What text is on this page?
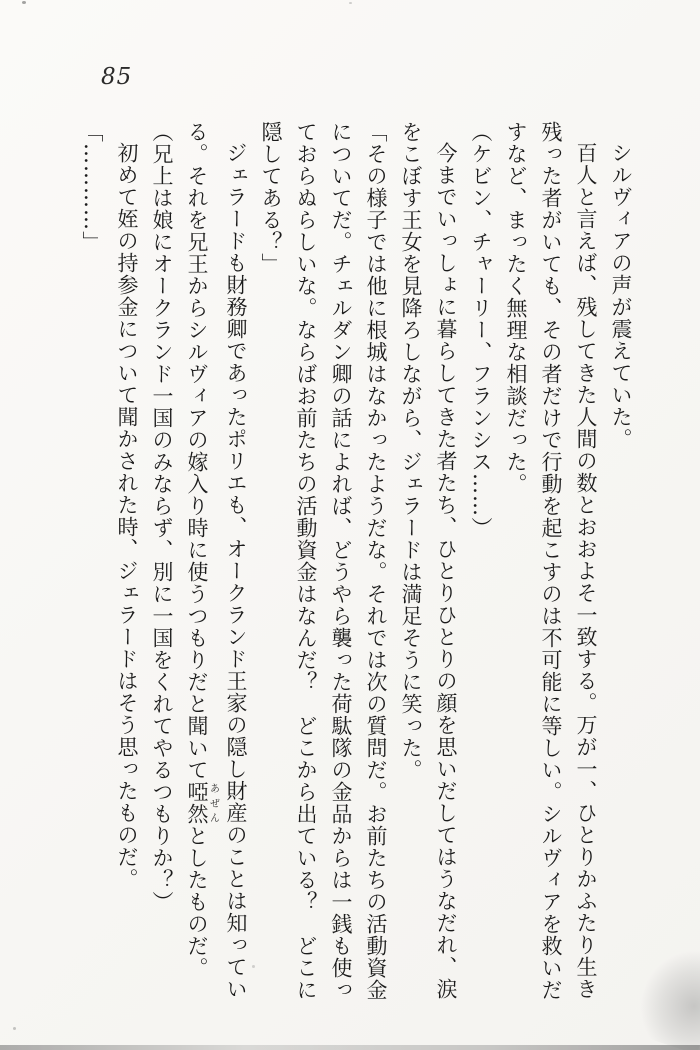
85

シルヴィアの声が震えていた。

百人と言えば、残してきた人間の数とおおよそ一致する。万が一、ひとりかふたり生き
残った者がいても、その者だけで行動を起こすのは不可能に等しい。シルヴィアを救いだ
すなど、まったく無理な相談だった。

（ケビン、チャーリー、フランシス……）

今までいっしょに暮らしてきた者たち、ひとりひとりの顔を思いだしてはうなだれ、涙
をこぼす王女を見降ろしながら、ジェラードは満足そうに笑った。

「その様子では他に根城はなかったようだな。それでは次の質問だ。お前たちの活動資金
についてだ。チェルダン卿の話によれば、どうやら襲った荷駄隊の金品からは一銭も使っ
ておらぬらしいな。ならばお前たちの活動資金はなんだ？　どこから出ている？　どこに
隠してある？」

ジェラードも財務卿であったポリエも、オークランド王家の隠し財産のことは知ってい
る。それを兄王からシルヴィアの嫁入り時に使うつもりだと聞いて啞然あぜんとしたものだ。

（兄上は娘にオークランド一国のみならず、別に一国をくれてやるつもりか？）

初めて姪の持参金について聞かされた時、ジェラードはそう思ったものだ。

「…………」
